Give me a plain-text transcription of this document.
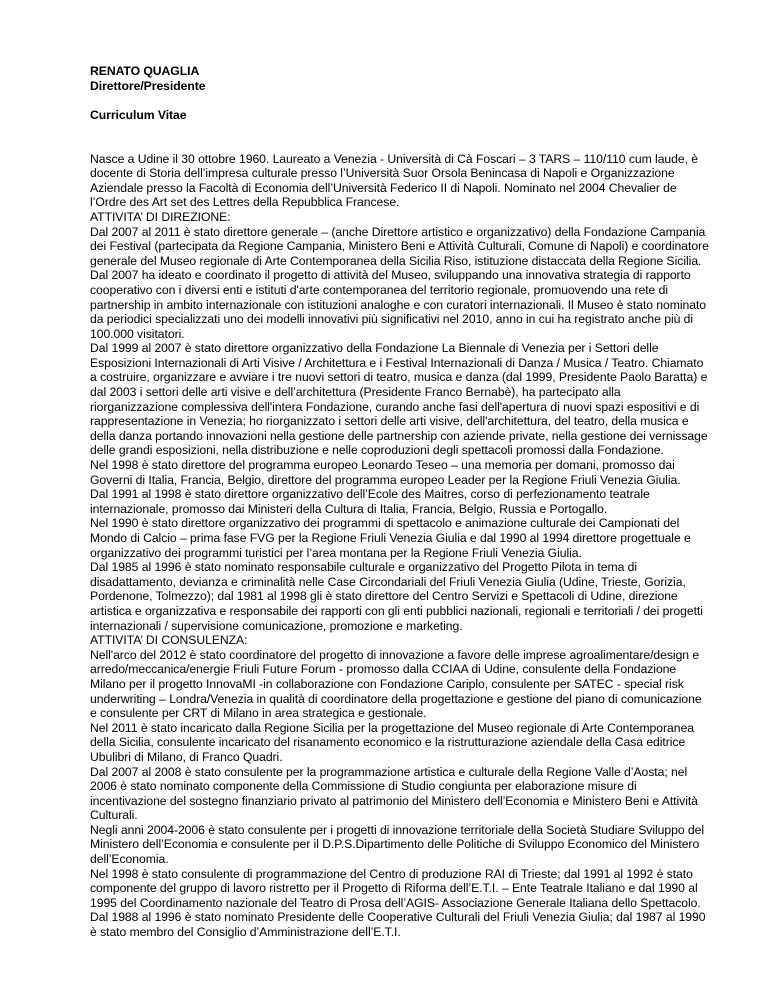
RENATO QUAGLIA
Direttore/Presidente
Curriculum Vitae

Nasce a Udine il 30 ottobre 1960. Laureato a Venezia - Università di Cà Foscari – 3 TARS – 110/110 cum laude, è docente di Storia dell’impresa culturale presso l’Università Suor Orsola Benincasa di Napoli e Organizzazione Aziendale presso la Facoltà di Economia dell’Università Federico II di Napoli. Nominato nel 2004 Chevalier de l’Ordre des Art set des Lettres della Repubblica Francese.

ATTIVITA’ DI DIREZIONE:

Dal 2007 al 2011 è stato direttore generale – (anche Direttore artistico e organizzativo) della Fondazione Campania dei Festival (partecipata da Regione Campania, Ministero Beni e Attività Culturali, Comune di Napoli) e coordinatore generale del Museo regionale di Arte Contemporanea della Sicilia Riso, istituzione distaccata della Regione Sicilia.

Dal 2007 ha ideato e coordinato il progetto di attività del Museo, sviluppando una innovativa strategia di rapporto cooperativo con i diversi enti e istituti d'arte contemporanea del territorio regionale, promuovendo una rete di partnership in ambito internazionale con istituzioni analoghe e con curatori internazionali. Il Museo è stato nominato da periodici specializzati uno dei modelli innovativi più significativi nel 2010, anno in cui ha registrato anche più di 100.000 visitatori.

Dal 1999 al 2007 è stato direttore organizzativo della Fondazione La Biennale di Venezia per i Settori delle Esposizioni Internazionali di Arti Visive / Architettura e i Festival Internazionali di Danza / Musica / Teatro. Chiamato a costruire, organizzare e avviare i tre nuovi settori di teatro, musica e danza (dal 1999, Presidente Paolo Baratta) e dal 2003 i settori delle arti visive e dell’architettura (Presidente Franco Bernabè), ha partecipato alla riorganizzazione complessiva dell'intera Fondazione, curando anche fasi dell'apertura di nuovi spazi espositivi e di rappresentazione in Venezia; ho riorganizzato i settori delle arti visive, dell'architettura, del teatro, della musica e della danza portando innovazioni nella gestione delle partnership con aziende private, nella gestione dei vernissage delle grandi esposizioni, nella distribuzione e nelle coproduzioni degli spettacoli promossi dalla Fondazione.

Nel 1998 è stato direttore del programma europeo Leonardo Teseo – una memoria per domani, promosso dai Governi di Italia, Francia, Belgio, direttore del programma europeo Leader per la Regione Friuli Venezia Giulia.

Dal 1991 al 1998 è stato direttore organizzativo dell’Ecole des Maitres, corso di perfezionamento teatrale internazionale, promosso dai Ministeri della Cultura di Italia, Francia, Belgio, Russia e Portogallo.

Nel 1990 è stato direttore organizzativo dei programmi di spettacolo e animazione culturale dei Campionati del Mondo di Calcio – prima fase FVG per la Regione Friuli Venezia Giulia e dal 1990 al 1994 direttore progettuale e organizzativo dei programmi turistici per l’area montana per la Regione Friuli Venezia Giulia.

Dal 1985 al 1996 è stato nominato responsabile culturale e organizzativo del Progetto Pilota in tema di disadattamento, devianza e criminalità nelle Case Circondariali del Friuli Venezia Giulia (Udine, Trieste, Gorizia, Pordenone, Tolmezzo); dal 1981 al 1998 gli è stato direttore del Centro Servizi e Spettacoli di Udine, direzione artistica e organizzativa e responsabile dei rapporti con gli enti pubblici nazionali, regionali e territoriali / dei progetti internazionali / supervisione comunicazione, promozione e marketing.

ATTIVITA’ DI CONSULENZA:

Nell'arco del 2012 è stato coordinatore del progetto di innovazione a favore delle imprese agroalimentare/design e arredo/meccanica/energie Friuli Future Forum - promosso dalla CCIAA di Udine, consulente della Fondazione Milano per il progetto InnovaMI -in collaborazione con Fondazione Cariplo, consulente per SATEC - special risk underwriting – Londra/Venezia in qualità di coordinatore della progettazione e gestione del piano di comunicazione e consulente per CRT di Milano in area strategica e gestionale.

Nel 2011 è stato incaricato dalla Regione Sicilia per la progettazione del Museo regionale di Arte Contemporanea della Sicilia, consulente incaricato del risanamento economico e la ristrutturazione aziendale della Casa editrice Ubulibri di Milano, di Franco Quadri.

Dal 2007 al 2008 è stato consulente per la programmazione artistica e culturale della Regione Valle d’Aosta; nel 2006 è stato nominato componente della Commissione di Studio congiunta per elaborazione misure di incentivazione del sostegno finanziario privato al patrimonio del Ministero dell’Economia e Ministero Beni e Attività Culturali.

Negli anni 2004-2006 è stato consulente per i progetti di innovazione territoriale della Società Studiare Sviluppo del Ministero dell’Economia e consulente per il D.P.S.Dipartimento delle Politiche di Sviluppo Economico del Ministero dell’Economia.

Nel 1998 è stato consulente di programmazione del Centro di produzione RAI di Trieste; dal 1991 al 1992 è stato componente del gruppo di lavoro ristretto per il Progetto di Riforma dell’E.T.I. – Ente Teatrale Italiano e dal 1990 al 1995 del Coordinamento nazionale del Teatro di Prosa dell’AGIS- Associazione Generale Italiana dello Spettacolo.

Dal 1988 al 1996 è stato nominato Presidente delle Cooperative Culturali del Friuli Venezia Giulia; dal 1987 al 1990 è stato membro del Consiglio d’Amministrazione dell’E.T.I.
